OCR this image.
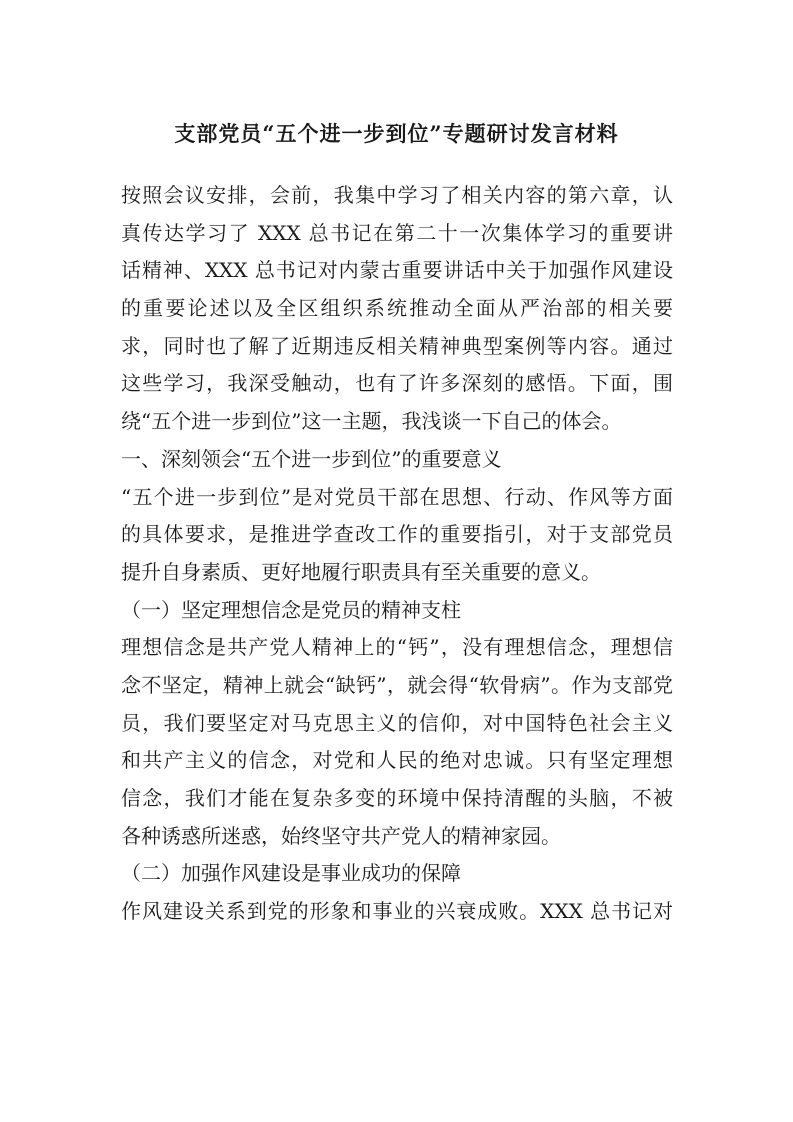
支部党员“五个进一步到位”专题研讨发言材料
按照会议安排，会前，我集中学习了相关内容的第六章，认
真传达学习了 XXX 总书记在第二十一次集体学习的重要讲
话精神、XXX 总书记对内蒙古重要讲话中关于加强作风建设
的重要论述以及全区组织系统推动全面从严治部的相关要
求，同时也了解了近期违反相关精神典型案例等内容。通过
这些学习，我深受触动，也有了许多深刻的感悟。下面，围
绕“五个进一步到位”这一主题，我浅谈一下自己的体会。
一、深刻领会“五个进一步到位”的重要意义
“五个进一步到位”是对党员干部在思想、行动、作风等方面
的具体要求，是推进学查改工作的重要指引，对于支部党员
提升自身素质、更好地履行职责具有至关重要的意义。
（一）坚定理想信念是党员的精神支柱
理想信念是共产党人精神上的“钙”，没有理想信念，理想信
念不坚定，精神上就会“缺钙”，就会得“软骨病”。作为支部党
员，我们要坚定对马克思主义的信仰，对中国特色社会主义
和共产主义的信念，对党和人民的绝对忠诚。只有坚定理想
信念，我们才能在复杂多变的环境中保持清醒的头脑，不被
各种诱惑所迷惑，始终坚守共产党人的精神家园。
（二）加强作风建设是事业成功的保障
作风建设关系到党的形象和事业的兴衰成败。XXX 总书记对
